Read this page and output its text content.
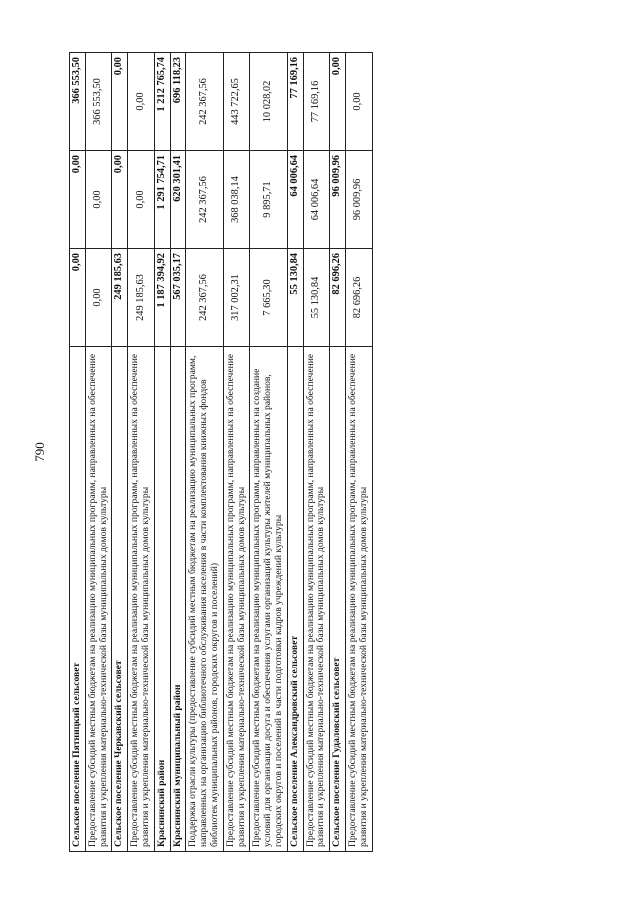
790
Сельское поселение Пятницкий сельсовет	0,00	0,00	366 553,50
Предоставление субсидий местным бюджетам на реализацию муниципальных программ, направленных на обеспечение развития и укрепления материально-технической базы муниципальных домов культуры	0,00	0,00	366 553,50
Сельское поселение Черкавский сельсовет	249 185,63	0,00	0,00
Предоставление субсидий местным бюджетам на реализацию муниципальных программ, направленных на обеспечение развития и укрепления материально-технической базы муниципальных домов культуры	249 185,63	0,00	0,00
Краснинский район	1 187 394,92	1 291 754,71	1 212 765,74
Краснинский муниципальный район	567 035,17	620 301,41	696 118,23
Поддержка отрасли культуры (предоставление субсидий местным бюджетам на реализацию муниципальных программ, направленных на организацию библиотечного обслуживания населения в части комплектования книжных фондов библиотек муниципальных районов, городских округов и поселений)	242 367,56	242 367,56	242 367,56
Предоставление субсидий местным бюджетам на реализацию муниципальных программ, направленных на обеспечение развития и укрепления материально-технической базы муниципальных домов культуры	317 002,31	368 038,14	443 722,65
Предоставление субсидий местным бюджетам на реализацию муниципальных программ, направленных на создание условий для организации досуга и обеспечения услугами организаций культуры жителей муниципальных районов, городских округов и поселений в части подготовки кадров учреждений культуры	7 665,30	9 895,71	10 028,02
Сельское поселение Александровский сельсовет	55 130,84	64 006,64	77 169,16
Предоставление субсидий местным бюджетам на реализацию муниципальных программ, направленных на обеспечение развития и укрепления материально-технической базы муниципальных домов культуры	55 130,84	64 006,64	77 169,16
Сельское поселение Гудаловский сельсовет	82 696,26	96 009,96	0,00
Предоставление субсидий местным бюджетам на реализацию муниципальных программ, направленных на обеспечение развития и укрепления материально-технической базы муниципальных домов культуры	82 696,26	96 009,96	0,00
